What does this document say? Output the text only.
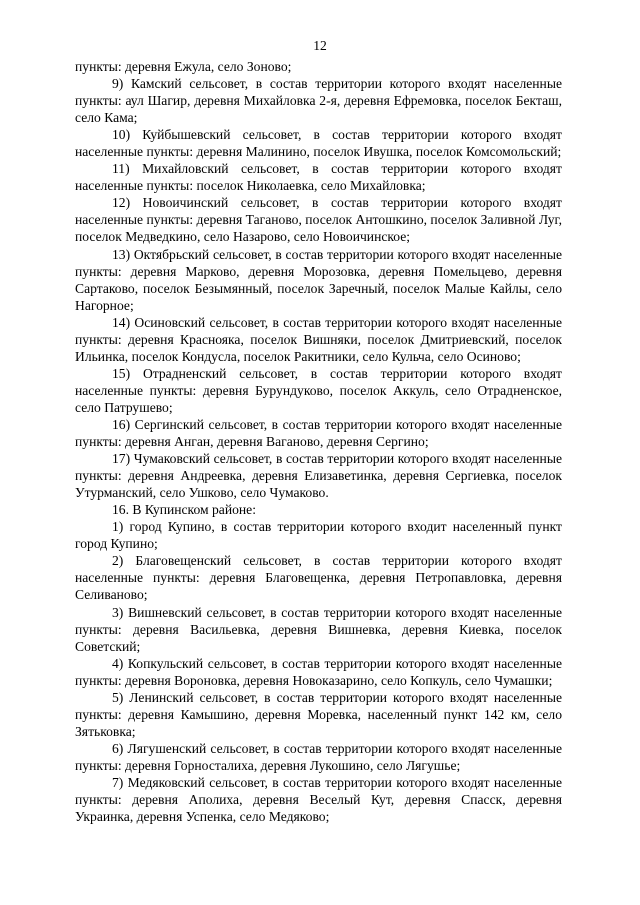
12

пункты: деревня Ежула, село Зоново;

9) Камский сельсовет, в состав территории которого входят населенные пункты: аул Шагир, деревня Михайловка 2-я, деревня Ефремовка, поселок Бекташ, село Кама;

10) Куйбышевский сельсовет, в состав территории которого входят населенные пункты: деревня Малинино, поселок Ивушка, поселок Комсомольский;

11) Михайловский сельсовет, в состав территории которого входят населенные пункты: поселок Николаевка, село Михайловка;

12) Новоичинский сельсовет, в состав территории которого входят населенные пункты: деревня Таганово, поселок Антошкино, поселок Заливной Луг, поселок Медведкино, село Назарово, село Новоичинское;

13) Октябрьский сельсовет, в состав территории которого входят населенные пункты: деревня Марково, деревня Морозовка, деревня Помельцево, деревня Сартаково, поселок Безымянный, поселок Заречный, поселок Малые Кайлы, село Нагорное;

14) Осиновский сельсовет, в состав территории которого входят населенные пункты: деревня Краснояка, поселок Вишняки, поселок Дмитриевский, поселок Ильинка, поселок Кондусла, поселок Ракитники, село Кульча, село Осиново;

15) Отрадненский сельсовет, в состав территории которого входят населенные пункты: деревня Бурундуково, поселок Аккуль, село Отрадненское, село Патрушево;

16) Сергинский сельсовет, в состав территории которого входят населенные пункты: деревня Анган, деревня Ваганово, деревня Сергино;

17) Чумаковский сельсовет, в состав территории которого входят населенные пункты: деревня Андреевка, деревня Елизаветинка, деревня Сергиевка, поселок Утурманский, село Ушково, село Чумаково.

16. В Купинском районе:

1) город Купино, в состав территории которого входит населенный пункт город Купино;

2) Благовещенский сельсовет, в состав территории которого входят населенные пункты: деревня Благовещенка, деревня Петропавловка, деревня Селиваново;

3) Вишневский сельсовет, в состав территории которого входят населенные пункты: деревня Васильевка, деревня Вишневка, деревня Киевка, поселок Советский;

4) Копкульский сельсовет, в состав территории которого входят населенные пункты: деревня Вороновка, деревня Новоказарино, село Копкуль, село Чумашки;

5) Ленинский сельсовет, в состав территории которого входят населенные пункты: деревня Камышино, деревня Моревка, населенный пункт 142 км, село Зятьковка;

6) Лягушенский сельсовет, в состав территории которого входят населенные пункты: деревня Горносталиха, деревня Лукошино, село Лягушье;

7) Медяковский сельсовет, в состав территории которого входят населенные пункты: деревня Аполиха, деревня Веселый Кут, деревня Спасск, деревня Украинка, деревня Успенка, село Медяково;
